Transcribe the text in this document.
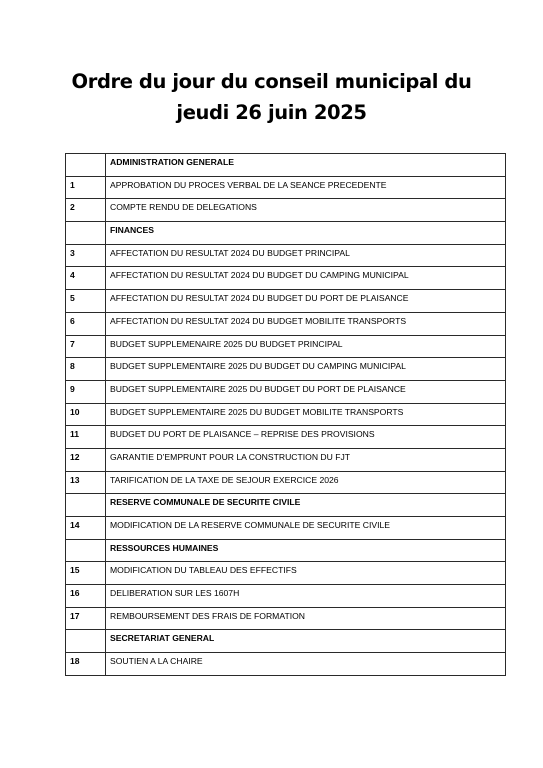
Ordre du jour du conseil municipal du
jeudi 26 juin 2025
	ADMINISTRATION GENERALE
1	APPROBATION DU PROCES VERBAL DE LA SEANCE PRECEDENTE
2	COMPTE RENDU DE DELEGATIONS
	FINANCES
3	AFFECTATION DU RESULTAT 2024 DU BUDGET PRINCIPAL
4	AFFECTATION DU RESULTAT 2024 DU BUDGET DU CAMPING MUNICIPAL
5	AFFECTATION DU RESULTAT 2024 DU BUDGET DU PORT DE PLAISANCE
6	AFFECTATION DU RESULTAT 2024 DU BUDGET MOBILITE TRANSPORTS
7	BUDGET SUPPLEMENAIRE 2025 DU BUDGET PRINCIPAL
8	BUDGET SUPPLEMENTAIRE 2025 DU BUDGET DU CAMPING MUNICIPAL
9	BUDGET SUPPLEMENTAIRE 2025 DU BUDGET DU PORT DE PLAISANCE
10	BUDGET SUPPLEMENTAIRE 2025 DU BUDGET MOBILITE TRANSPORTS
11	BUDGET DU PORT DE PLAISANCE – REPRISE DES PROVISIONS
12	GARANTIE D’EMPRUNT POUR LA CONSTRUCTION DU FJT
13	TARIFICATION DE LA TAXE DE SEJOUR EXERCICE 2026
	RESERVE COMMUNALE DE SECURITE CIVILE
14	MODIFICATION DE LA RESERVE COMMUNALE DE SECURITE CIVILE
	RESSOURCES HUMAINES
15	MODIFICATION DU TABLEAU DES EFFECTIFS
16	DELIBERATION SUR LES 1607H
17	REMBOURSEMENT DES FRAIS DE FORMATION
	SECRETARIAT GENERAL
18	SOUTIEN A LA CHAIRE
